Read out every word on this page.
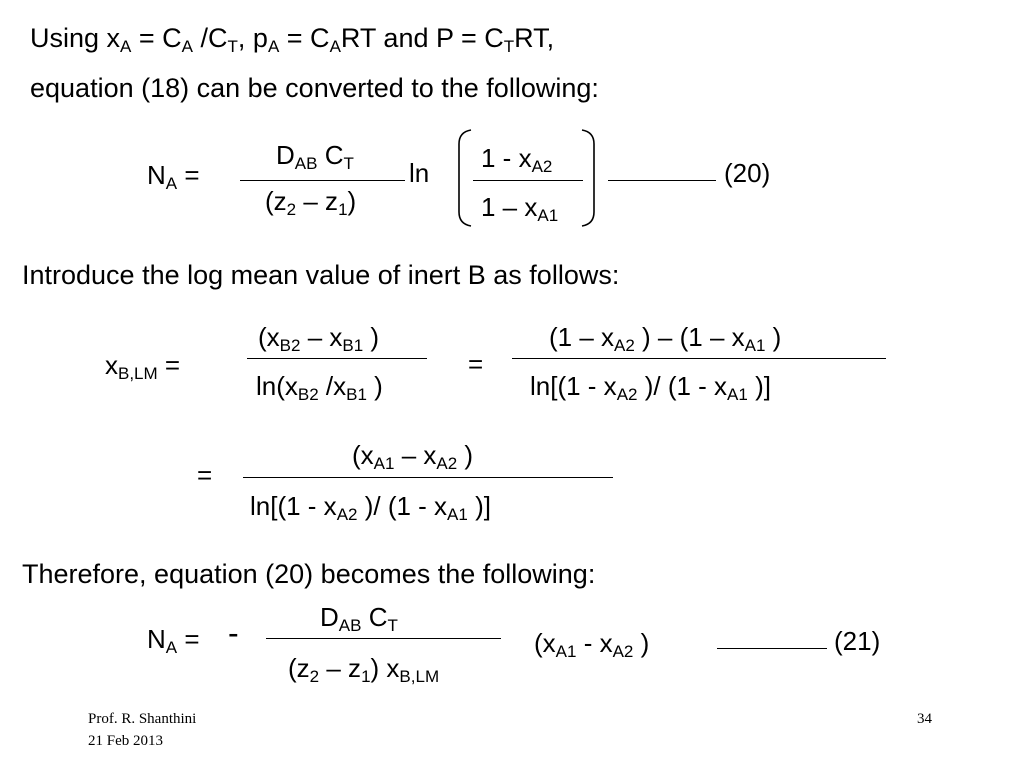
Using $x_A = C_A$ $/C_T$, $p_A = C_ART$ and $P = C_TRT$,
equation (18) can be converted to the following:
$N_A$ =
$D_{AB}$ $C_T$
$(z_2 - z_1)$
$\ln 1 - x_{A2}$
$1 - x_{A1}$
(20)
Introduce the log mean value of inert B as follows:
$x_{B,LM}$ =
($x_{B2} - x_{B1}$ )
$\ln(x_{B2}$ $/x_{B1}$ )
=
($1 - x_{A2}$ ) – ($1 - x_{A1}$ )
$\ln[(1 - x_{A2}$ )/ ($1 - x_{A1}$ )]
=
($x_{A1} - x_{A2}$ )
$\ln[(1 - x_{A2}$ )/ ($1 - x_{A1}$ )]
Therefore, equation (20) becomes the following:
$N_A$ = -	$D_{AB}$ $C_T$
$(z_2 - z_1)$ $x_{B,LM}$
($x_{A1} - x_{A2}$ )	(21)
Prof. R. Shanthini
21 Feb 2013
34
